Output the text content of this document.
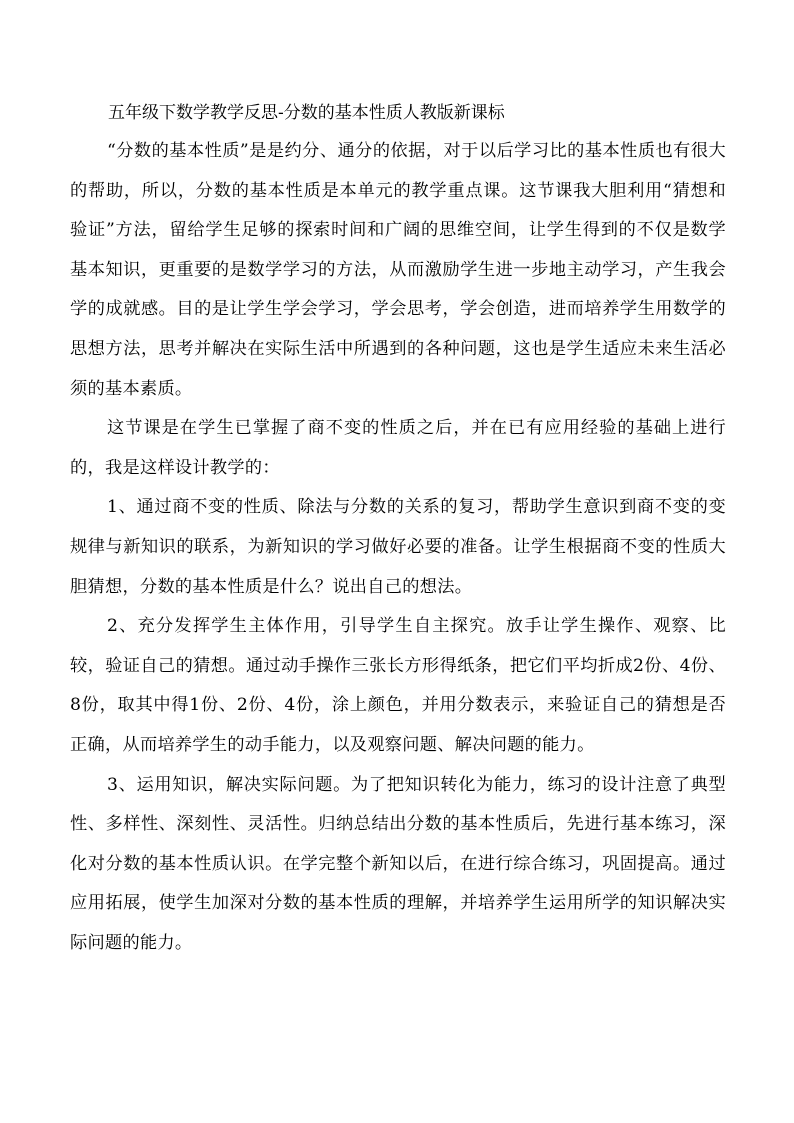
五年级下数学教学反思-分数的基本性质人教版新课标

“分数的基本性质”是是约分、通分的依据，对于以后学习比的基本性质也有很大的帮助，所以，分数的基本性质是本单元的教学重点课。这节课我大胆利用“猜想和验证”方法，留给学生足够的探索时间和广阔的思维空间，让学生得到的不仅是数学基本知识，更重要的是数学学习的方法，从而激励学生进一步地主动学习，产生我会学的成就感。目的是让学生学会学习，学会思考，学会创造，进而培养学生用数学的思想方法，思考并解决在实际生活中所遇到的各种问题，这也是学生适应未来生活必须的基本素质。

这节课是在学生已掌握了商不变的性质之后，并在已有应用经验的基础上进行的，我是这样设计教学的：

1、通过商不变的性质、除法与分数的关系的复习，帮助学生意识到商不变的变规律与新知识的联系，为新知识的学习做好必要的准备。让学生根据商不变的性质大胆猜想，分数的基本性质是什么？说出自己的想法。

2、充分发挥学生主体作用，引导学生自主探究。放手让学生操作、观察、比较，验证自己的猜想。通过动手操作三张长方形得纸条，把它们平均折成2份、4份、8份，取其中得1份、2份、4份，涂上颜色，并用分数表示，来验证自己的猜想是否正确，从而培养学生的动手能力，以及观察问题、解决问题的能力。

3、运用知识，解决实际问题。为了把知识转化为能力，练习的设计注意了典型性、多样性、深刻性、灵活性。归纳总结出分数的基本性质后，先进行基本练习，深化对分数的基本性质认识。在学完整个新知以后，在进行综合练习，巩固提高。通过应用拓展，使学生加深对分数的基本性质的理解，并培养学生运用所学的知识解决实际问题的能力。
